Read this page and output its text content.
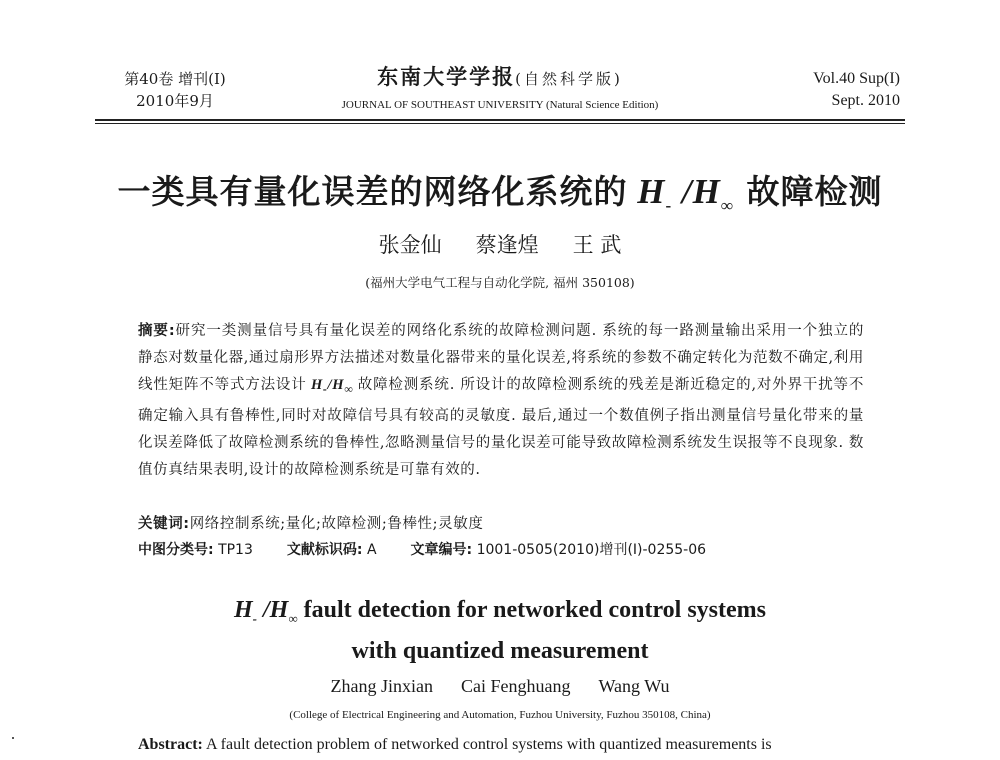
第40卷 增刊(I)
2010年9月
东南大学学报(自然科学版)
JOURNAL OF SOUTHEAST UNIVERSITY (Natural Science Edition)
Vol.40 Sup(I)
Sept. 2010
一类具有量化误差的网络化系统的 $H_-$ $/H_\infty$ 故障检测
张金仙 蔡逢煌 王 武
(福州大学电气工程与自动化学院, 福州 350108)
摘要:研究一类测量信号具有量化误差的网络化系统的故障检测问题. 系统的每一路测量输出采用一个独立的静态对数量化器,通过扇形界方法描述对数量化器带来的量化误差,将系统的参数不确定转化为范数不确定,利用线性矩阵不等式方法设计 $H_-/H_\infty$ 故障检测系统. 所设计的故障检测系统的残差是渐近稳定的,对外界干扰等不确定输入具有鲁棒性,同时对故障信号具有较高的灵敏度. 最后,通过一个数值例子指出测量信号量化带来的量化误差降低了故障检测系统的鲁棒性,忽略测量信号的量化误差可能导致故障检测系统发生误报等不良现象. 数值仿真结果表明,设计的故障检测系统是可靠有效的.
关键词:网络控制系统;量化;故障检测;鲁棒性;灵敏度
中图分类号: TP13 文献标识码: A 文章编号: 1001-0505(2010)增刊(I)-0255-06
$H_-$ $/H_\infty$ fault detection for networked control systems
with quantized measurement
Zhang Jinxian Cai Fenghuang Wang Wu
(College of Electrical Engineering and Automation, Fuzhou University, Fuzhou 350108, China)
Abstract: A fault detection problem of networked control systems with quantized measurements is
